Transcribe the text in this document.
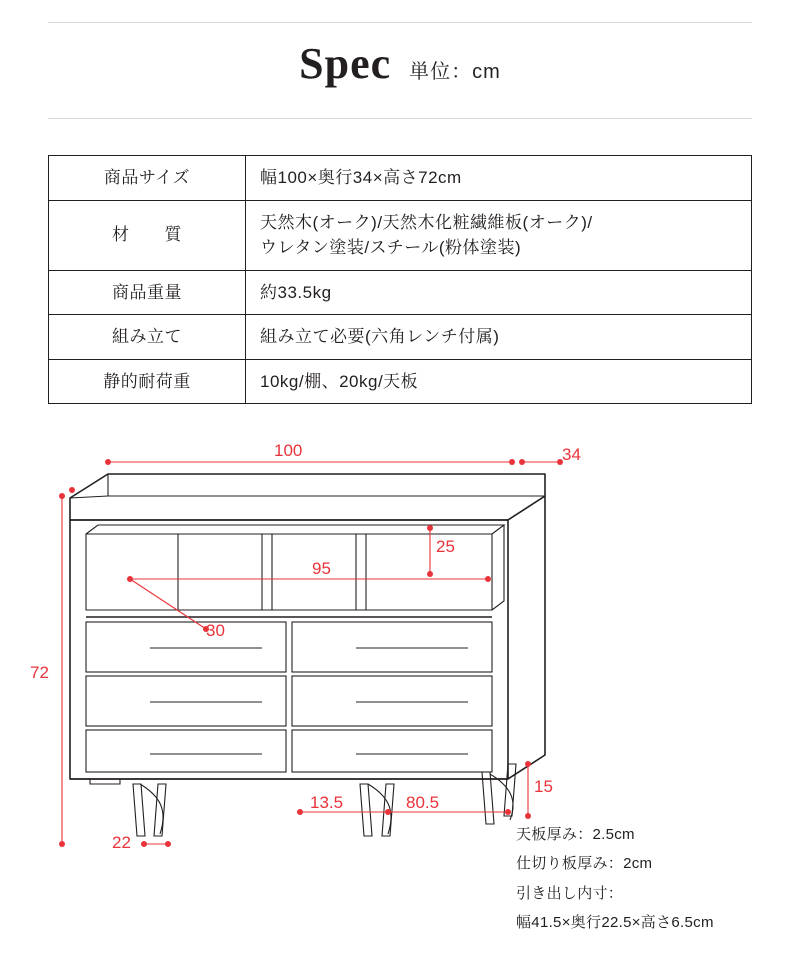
Spec 単位：cm
商品サイズ	幅100×奥行34×高さ72cm

材　　質	天然木(オーク)/天然木化粧繊維板(オーク)/
ウレタン塗装/スチール(粉体塗装)

商品重量	約33.5kg

組み立て	組み立て必要(六角レンチ付属)

静的耐荷重	10kg/棚、20kg/天板
100	34
72
95
30
25
15
80.5
13.5
22	天板厚み：2.5cm
仕切り板厚み：2cm
引き出し内寸：
幅41.5×奥行22.5×高さ6.5cm
